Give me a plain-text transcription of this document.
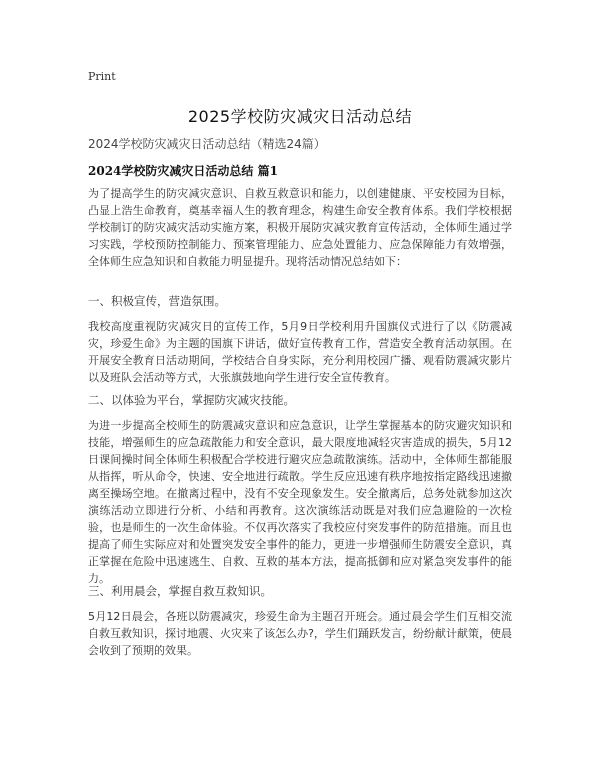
Print
2025学校防灾减灾日活动总结

2024学校防灾减灾日活动总结（精选24篇）

2024学校防灾减灾日活动总结 篇1

为了提高学生的防灾减灾意识、自救互救意识和能力，以创建健康、平安校园为目标，凸显上浩生命教育，奠基幸福人生的教育理念，构建生命安全教育体系。我们学校根据学校制订的防灾减灾活动实施方案，积极开展防灾减灾教育宣传活动，全体师生通过学习实践，学校预防控制能力、预案管理能力、应急处置能力、应急保障能力有效增强，全体师生应急知识和自救能力明显提升。现将活动情况总结如下：

一、积极宣传，营造氛围。

我校高度重视防灾减灾日的宣传工作，5月9日学校利用升国旗仪式进行了以《防震减灾，珍爱生命》为主题的国旗下讲话，做好宣传教育工作，营造安全教育活动氛围。在开展安全教育日活动期间，学校结合自身实际，充分利用校园广播、观看防震减灾影片以及班队会活动等方式，大张旗鼓地向学生进行安全宣传教育。

二、以体验为平台，掌握防灾减灾技能。

为进一步提高全校师生的防震减灾意识和应急意识，让学生掌握基本的防灾避灾知识和技能，增强师生的应急疏散能力和安全意识，最大限度地减轻灾害造成的损失，5月12日课间操时间全体师生积极配合学校进行避灾应急疏散演练。活动中，全体师生都能服从指挥，听从命令，快速、安全地进行疏散。学生反应迅速有秩序地按指定路线迅速撤离至操场空地。在撤离过程中，没有不安全现象发生。安全撤离后，总务处就参加这次演练活动立即进行分析、小结和再教育。这次演练活动既是对我们应急避险的一次检验，也是师生的一次生命体验。不仅再次落实了我校应付突发事件的防范措施。而且也提高了师生实际应对和处置突发安全事件的能力，更进一步增强师生防震安全意识，真正掌握在危险中迅速逃生、自救、互救的基本方法，提高抵御和应对紧急突发事件的能力。

三、利用晨会，掌握自救互救知识。

5月12日晨会，各班以防震减灾，珍爱生命为主题召开班会。通过晨会学生们互相交流自救互救知识，探讨地震、火灾来了该怎么办?，学生们踊跃发言，纷纷献计献策，使晨会收到了预期的效果。
